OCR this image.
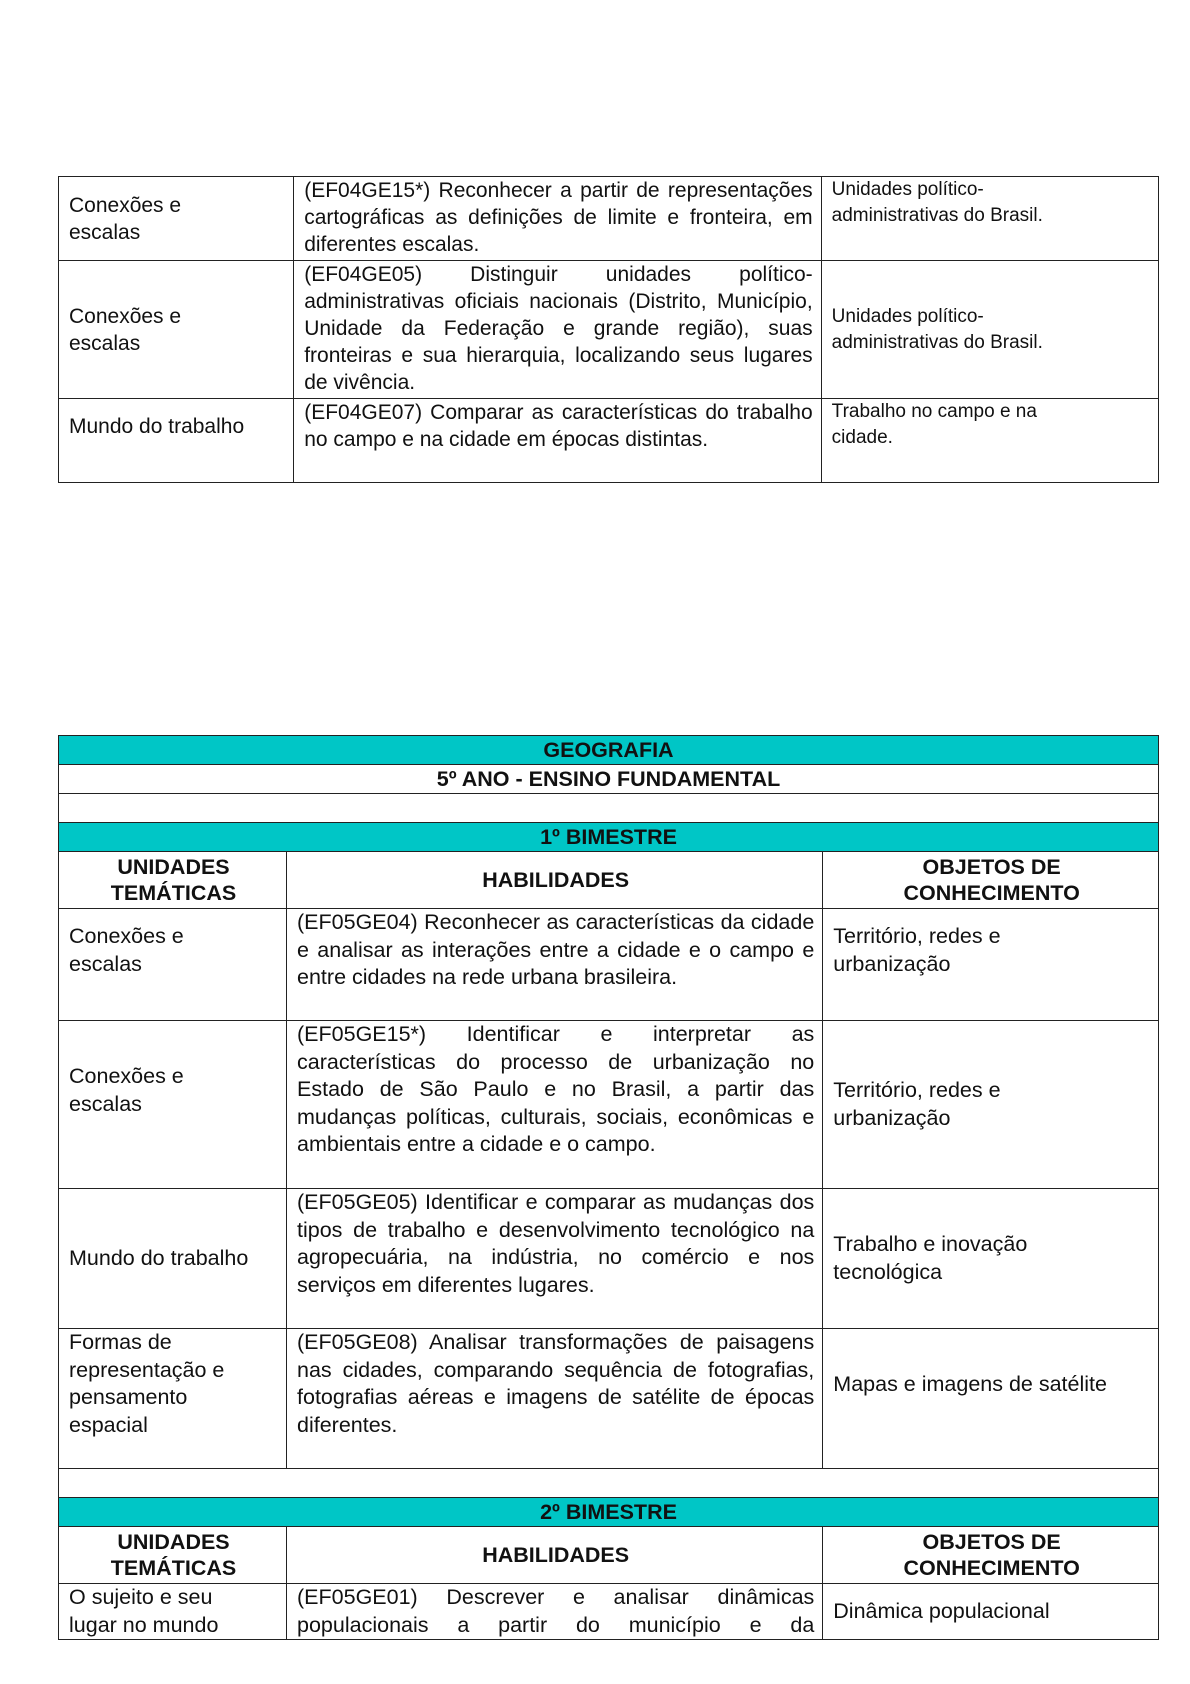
Conexões e
escalas	(EF04GE15*) Reconhecer a partir de representações cartográficas as definições de limite e fronteira, em diferentes escalas.	Unidades político-
administrativas do Brasil.
Conexões e
escalas	(EF04GE05) Distinguir unidades político-administrativas oficiais nacionais (Distrito, Município, Unidade da Federação e grande região), suas fronteiras e sua hierarquia, localizando seus lugares de vivência.	Unidades político-
administrativas do Brasil.
Mundo do trabalho	(EF04GE07) Comparar as características do trabalho no campo e na cidade em épocas distintas.	Trabalho no campo e na
cidade.
GEOGRAFIA		
5º ANO - ENSINO FUNDAMENTAL		

1º BIMESTRE		
UNIDADES TEMÁTICAS	HABILIDADES	OBJETOS DE CONHECIMENTO
Conexões e
escalas	(EF05GE04) Reconhecer as características da cidade e analisar as interações entre a cidade e o campo e entre cidades na rede urbana brasileira.	Território, redes e
urbanização
Conexões e
escalas	(EF05GE15*) Identificar e interpretar as características do processo de urbanização no Estado de São Paulo e no Brasil, a partir das mudanças políticas, culturais, sociais, econômicas e ambientais entre a cidade e o campo.	Território, redes e
urbanização
Mundo do trabalho	(EF05GE05) Identificar e comparar as mudanças dos tipos de trabalho e desenvolvimento tecnológico na agropecuária, na indústria, no comércio e nos serviços em diferentes lugares.	Trabalho e inovação
tecnológica
Formas de
representação e
pensamento
espacial	(EF05GE08) Analisar transformações de paisagens nas cidades, comparando sequência de fotografias, fotografias aéreas e imagens de satélite de épocas diferentes.	Mapas e imagens de satélite

2º BIMESTRE		
UNIDADES TEMÁTICAS	HABILIDADES	OBJETOS DE CONHECIMENTO
O sujeito e seu
lugar no mundo	(EF05GE01) Descrever e analisar dinâmicas populacionais a partir do município e da	Dinâmica populacional
